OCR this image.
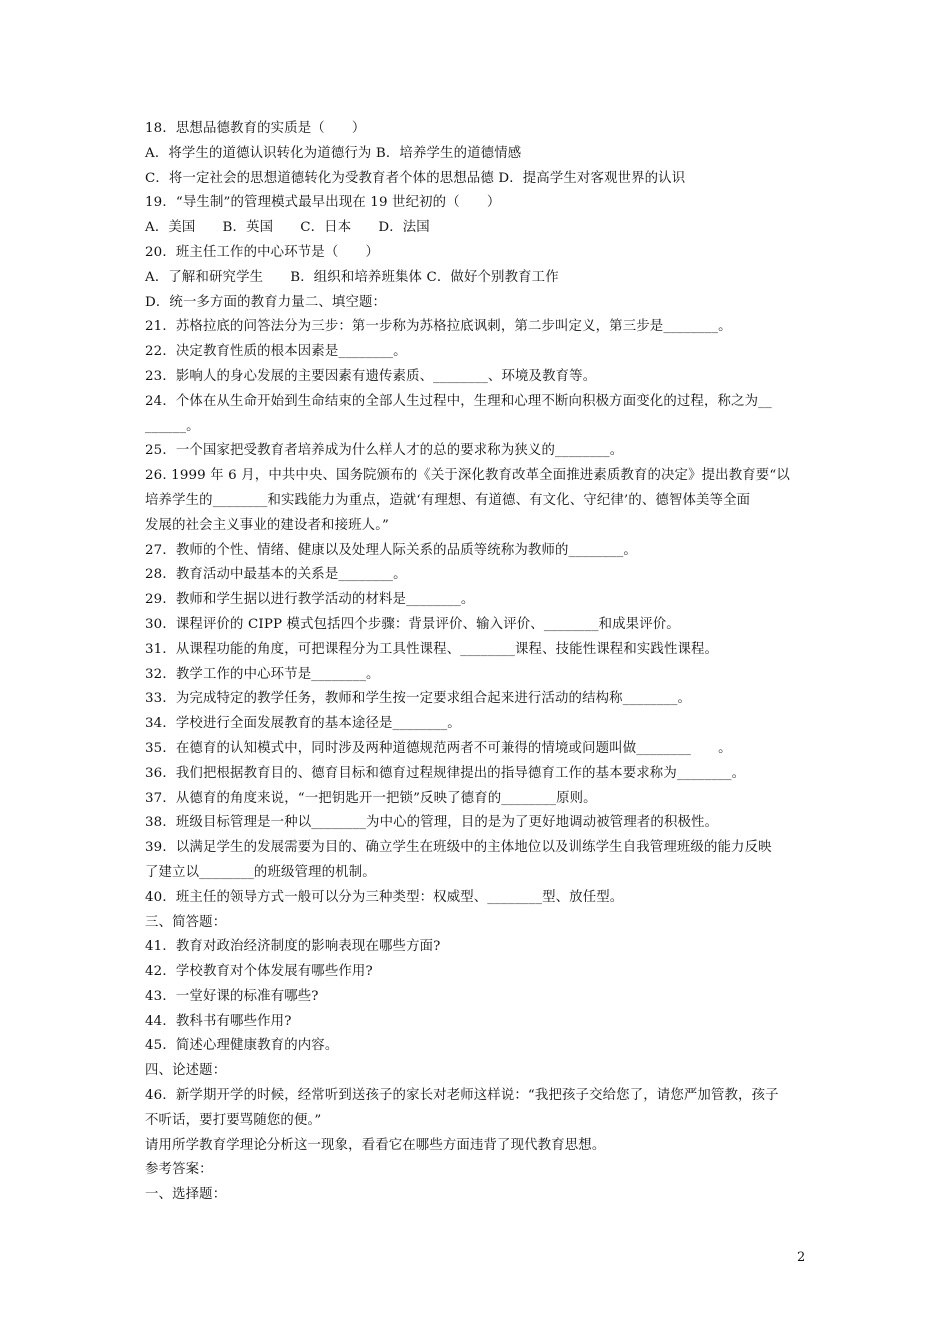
18．思想品德教育的实质是（　　）

A．将学生的道德认识转化为道德行为 B．培养学生的道德情感

C．将一定社会的思想道德转化为受教育者个体的思想品德 D．提高学生对客观世界的认识

19．“导生制”的管理模式最早出现在 19 世纪初的（　　）

A．美国　　B．英国　　C．日本　　D．法国

20．班主任工作的中心环节是（　　）

A．了解和研究学生　　B．组织和培养班集体 C．做好个别教育工作

D．统一多方面的教育力量二、填空题：

21．苏格拉底的问答法分为三步：第一步称为苏格拉底讽刺，第二步叫定义，第三步是________。

22．决定教育性质的根本因素是________。

23．影响人的身心发展的主要因素有遗传素质、________、环境及教育等。

24．个体在从生命开始到生命结束的全部人生过程中，生理和心理不断向积极方面变化的过程，称之为__

______。

25．一个国家把受教育者培养成为什么样人才的总的要求称为狭义的________。

26. 1999 年 6 月，中共中央、国务院颁布的《关于深化教育改革全面推进素质教育的决定》提出教育要“以

培养学生的________和实践能力为重点，造就‘有理想、有道德、有文化、守纪律’的、德智体美等全面

发展的社会主义事业的建设者和接班人。”

27．教师的个性、情绪、健康以及处理人际关系的品质等统称为教师的________。

28．教育活动中最基本的关系是________。

29．教师和学生据以进行教学活动的材料是________。

30．课程评价的 CIPP 模式包括四个步骤：背景评价、输入评价、________和成果评价。

31．从课程功能的角度，可把课程分为工具性课程、________课程、技能性课程和实践性课程。

32．教学工作的中心环节是________。

33．为完成特定的教学任务，教师和学生按一定要求组合起来进行活动的结构称________。

34．学校进行全面发展教育的基本途径是________。

35．在德育的认知模式中，同时涉及两种道德规范两者不可兼得的情境或问题叫做________　　。

36．我们把根据教育目的、德育目标和德育过程规律提出的指导德育工作的基本要求称为________。

37．从德育的角度来说，“一把钥匙开一把锁”反映了德育的________原则。

38．班级目标管理是一种以________为中心的管理，目的是为了更好地调动被管理者的积极性。

39．以满足学生的发展需要为目的、确立学生在班级中的主体地位以及训练学生自我管理班级的能力反映

了建立以________的班级管理的机制。

40．班主任的领导方式一般可以分为三种类型：权威型、________型、放任型。

三、简答题：

41．教育对政治经济制度的影响表现在哪些方面?

42．学校教育对个体发展有哪些作用?

43．一堂好课的标准有哪些?

44．教科书有哪些作用?

45．简述心理健康教育的内容。

四、论述题：

46．新学期开学的时候，经常听到送孩子的家长对老师这样说：“我把孩子交给您了，请您严加管教，孩子

不听话，要打要骂随您的便。”

请用所学教育学理论分析这一现象，看看它在哪些方面违背了现代教育思想。

参考答案：

一、选择题：

2
